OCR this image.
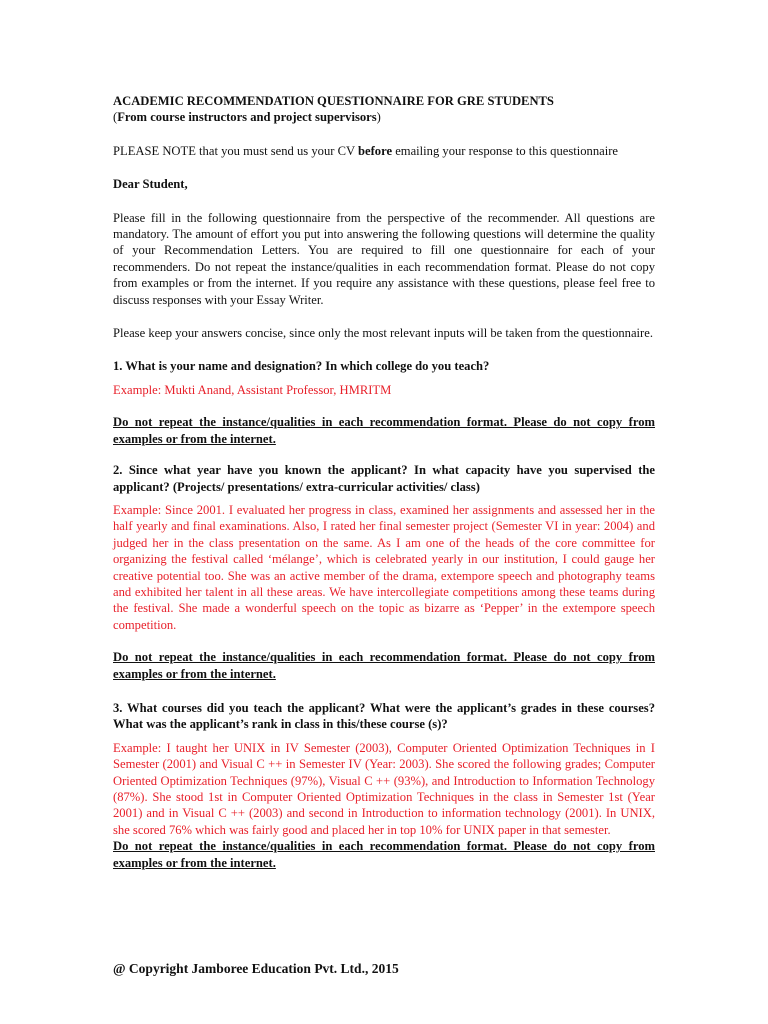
ACADEMIC RECOMMENDATION QUESTIONNAIRE FOR GRE STUDENTS

(From course instructors and project supervisors)

PLEASE NOTE that you must send us your CV before emailing your response to this questionnaire

Dear Student,

Please fill in the following questionnaire from the perspective of the recommender. All questions are mandatory. The amount of effort you put into answering the following questions will determine the quality of your Recommendation Letters. You are required to fill one questionnaire for each of your recommenders. Do not repeat the instance/qualities in each recommendation format. Please do not copy from examples or from the internet. If you require any assistance with these questions, please feel free to discuss responses with your Essay Writer.

Please keep your answers concise, since only the most relevant inputs will be taken from the questionnaire.

1. What is your name and designation? In which college do you teach?

Example: Mukti Anand, Assistant Professor, HMRITM

Do not repeat the instance/qualities in each recommendation format. Please do not copy from examples or from the internet.

2. Since what year have you known the applicant? In what capacity have you supervised the applicant? (Projects/ presentations/ extra-curricular activities/ class)

Example: Since 2001. I evaluated her progress in class, examined her assignments and assessed her in the half yearly and final examinations. Also, I rated her final semester project (Semester VI in year: 2004) and judged her in the class presentation on the same. As I am one of the heads of the core committee for organizing the festival called ‘mélange’, which is celebrated yearly in our institution, I could gauge her creative potential too. She was an active member of the drama, extempore speech and photography teams and exhibited her talent in all these areas. We have intercollegiate competitions among these teams during the festival. She made a wonderful speech on the topic as bizarre as ‘Pepper’ in the extempore speech competition.

Do not repeat the instance/qualities in each recommendation format. Please do not copy from examples or from the internet.

3. What courses did you teach the applicant? What were the applicant’s grades in these courses? What was the applicant’s rank in class in this/these course (s)?

Example: I taught her UNIX in IV Semester (2003), Computer Oriented Optimization Techniques in I Semester (2001) and Visual C ++ in Semester IV (Year: 2003). She scored the following grades; Computer Oriented Optimization Techniques (97%), Visual C ++ (93%), and Introduction to Information Technology (87%). She stood 1st in Computer Oriented Optimization Techniques in the class in Semester 1st (Year 2001) and in Visual C ++ (2003) and second in Introduction to information technology (2001). In UNIX, she scored 76% which was fairly good and placed her in top 10% for UNIX paper in that semester.

Do not repeat the instance/qualities in each recommendation format. Please do not copy from examples or from the internet.

@ Copyright Jamboree Education Pvt. Ltd., 2015
